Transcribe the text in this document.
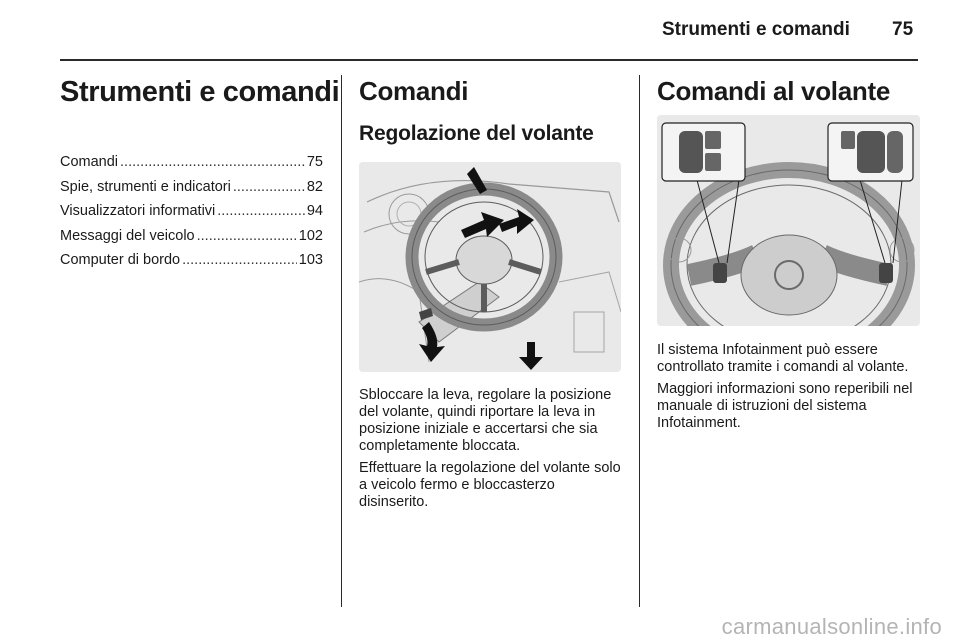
Strumenti e comandi 75
Strumenti e comandi
Comandi .....	75
Spie, strumenti e indicatori .....	82
Visualizzatori informativi .....	94
Messaggi del veicolo .....	102
Computer di bordo .....	103
Comandi
Regolazione del volante

Sbloccare la leva, regolare la posizione del volante, quindi riportare la leva in posizione iniziale e accertarsi che sia completamente bloccata.

Effettuare la regolazione del volante solo a veicolo fermo e bloccasterzo disinserito.

Comandi al volante

Il sistema Infotainment può essere controllato tramite i comandi al volante.

Maggiori informazioni sono reperibili nel manuale di istruzioni del sistema Infotainment.

carmanualsonline.info
